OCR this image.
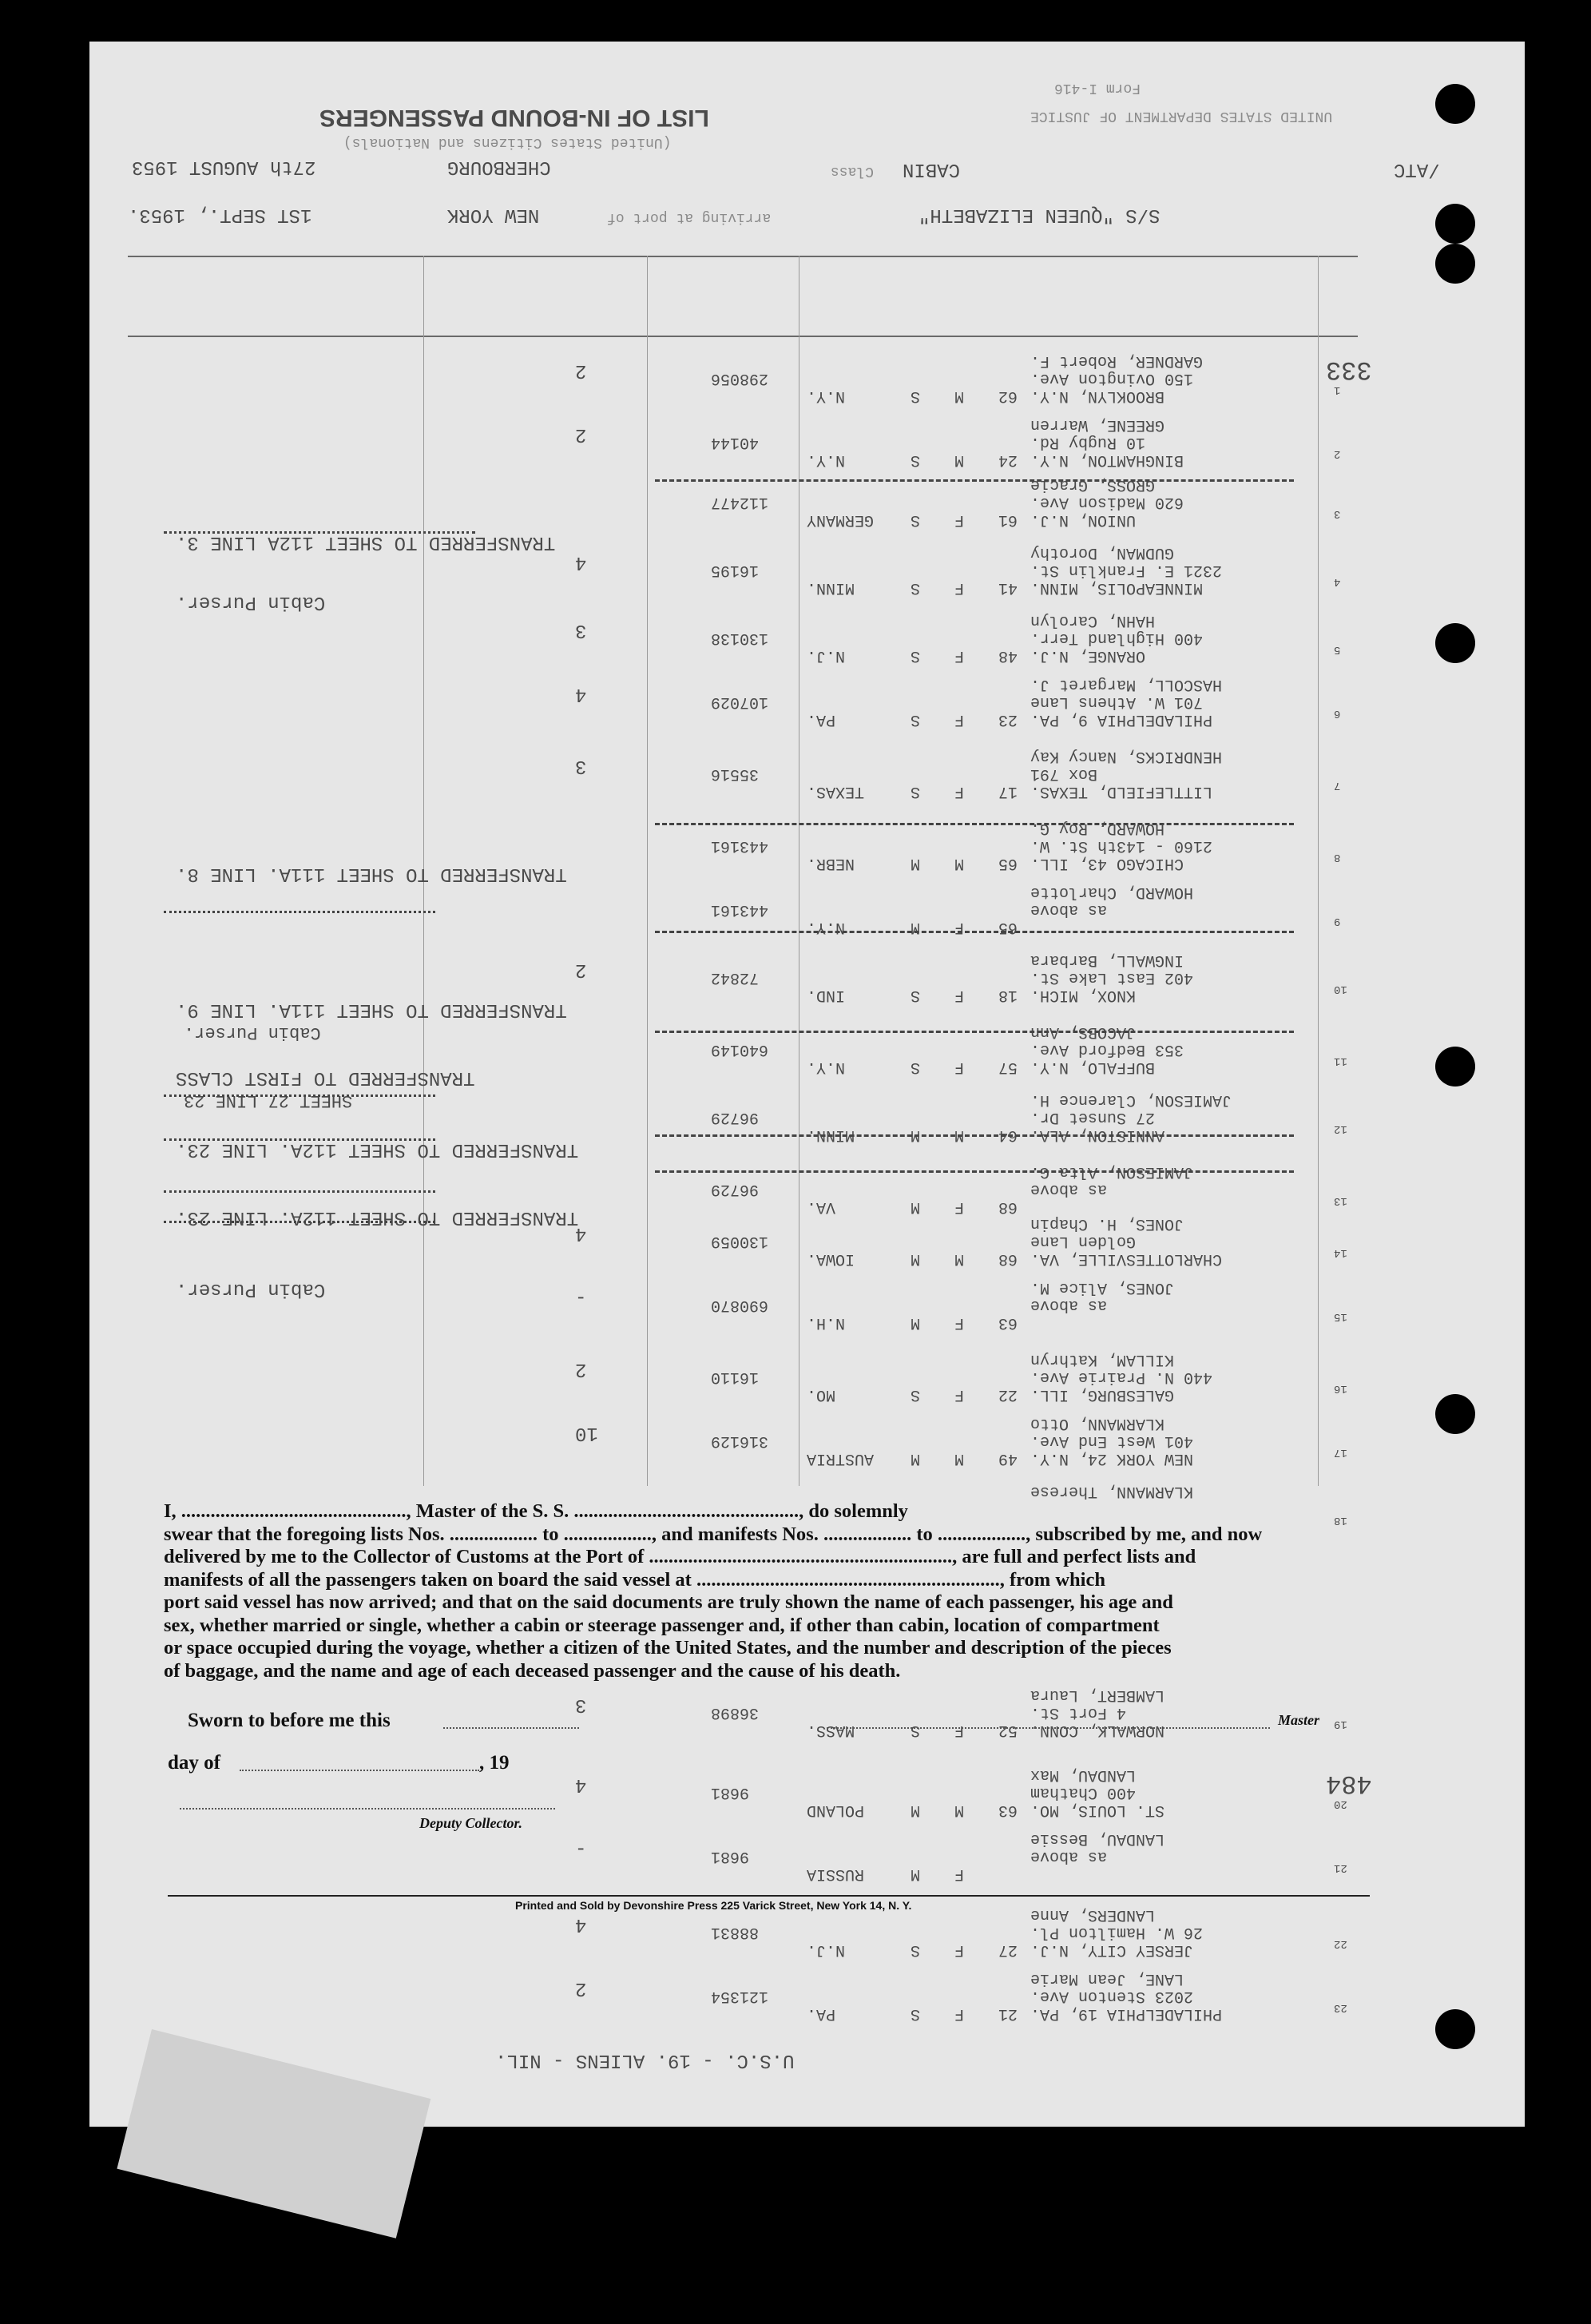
LIST OF IN-BOUND PASSENGERS
(United States Citizens and Nationals)
Form I-416
UNITED STATES DEPARTMENT OF JUSTICE
/ATC
CABIN
Class
CHERBOURG
27th AUGUST 1953
S/S "QUEEN ELIZABETH"
arriving at port of
NEW YORK
1ST SEPT., 1953.
GARDNER, Robert F.
150 Ovington Ave.
BROOKLYN, N.Y.
62
M
S
N.Y.
298056
2
1
333
GREENE, Warren
10 Rugby Rd.
BINGHAMTON, N.Y.
24
M
S
N.Y.
40144
2
2
TRANSFERRED TO SHEET 112A LINE 3.
GROSS, Gracie
620 Madison Ave.
UNION, N.J.
61
F
S
GERMANY
112477
3
Cabin Purser.
GUDMAN, Dorothy
2321 E. Franklin St.
MINNEAPOLIS, MINN.
41
F
S
MINN.
16195
4
4
HAHN, Carolyn
400 Highland Terr.
ORANGE, N.J.
48
F
S
N.J.
130138
3
5
HASCOLL, Margaret J.
701 W. Athens Lane
PHILADELPHIA 9, PA.
23
F
S
PA.
107029
4
6
HENDRICKS, Nancy Kay
Box 791
LITTLEFIELD, TEXAS.
17
F
S
TEXAS.
35516
3
7
TRANSFERRED TO SHEET 111A. LINE 8.
HOWARD, Roy G.
2160 - 143th St. W.
CHICAGO 43, ILL.
65
M
M
NEBR.
443161
8
HOWARD, Charlotte
as above
65
F
M
N.Y.
443161
9
TRANSFERRED TO SHEET 111A. LINE 9.
Cabin Purser.
INGWALL, Barbara
402 East Lake St.
KNOX, MICH.
18
F
S
IND.
72842
2
10
TRANSFERRED TO FIRST CLASS
SHEET 27 LINE 23
JACOBS, Ann
353 Bedford Ave.
BUFFALO, N.Y.
57
F
S
N.Y.
640149
11
TRANSFERRED TO SHEET 112A. LINE 23.
JAMIESON, Clarence H.
27 Sunset Dr.
ANNISTON, ALA.
64
M
M
MINN.
96729
12
TRANSFERRED TO SHEET 112A. LINE 23.
JAMIESON, Alta G.
as above
68
F
M
VA.
96729
13
Cabin Purser.
JONES, H. Chapin
Golden Lane
CHARLOTTESVILLE, VA.
68
M
M
IOWA.
130059
4
14
JONES, Alice M.
as above
63
F
M
N.H.
690870
-
15
KILLAM, Kathryn
440 N. Prairie Ave.
GALESBURG, ILL.
22
F
S
MO.
16110
2
16
KLARMANN, Otto
401 West End Ave.
NEW YORK 24, N.Y.
49
M
M
AUSTRIA
316129
10
17
KLARMANN, Therese
18
LAMBERT, Laura
4 Fort St.
NORWALK, CONN.
52
F
S
MASS.
36898
3
19
LANDAU, Max
400 Chatham
ST. LOUIS, MO.
63
M
M
POLAND
9681
4
20
484
LANDAU, Bessie
as above
F
M
RUSSIA
9681
-
21
LANDERS, Anne
26 W. Hamilton Pl.
JERSEY CITY, N.J.
27
F
S
N.J.
88831
4
22
LANE, Jean Marie
2023 Stenton Ave.
PHILADELPHIA 19, PA.
21
F
S
PA.
121354
2
23

I, .............................................., Master of the S. S. .............................................., do solemnly

swear that the foregoing lists Nos. .................. to .................., and manifests Nos. .................. to .................., subscribed by me, and now

delivered by me to the Collector of Customs at the Port of .............................................................., are full and perfect lists and

manifests of all the passengers taken on board the said vessel at .............................................................., from which

port said vessel has now arrived; and that on the said documents are truly shown the name of each passenger, his age and

sex, whether married or single, whether a cabin or steerage passenger and, if other than cabin, location of compartment

or space occupied during the voyage, whether a citizen of the United States, and the number and description of the pieces

of baggage, and the name and age of each deceased passenger and the cause of his death.

Sworn to before me this
day of	, 19
Deputy Collector.
Master
Printed and Sold by Devonshire Press 225 Varick Street, New York 14, N. Y.
U.S.C. - 19. ALIENS - NIL.
